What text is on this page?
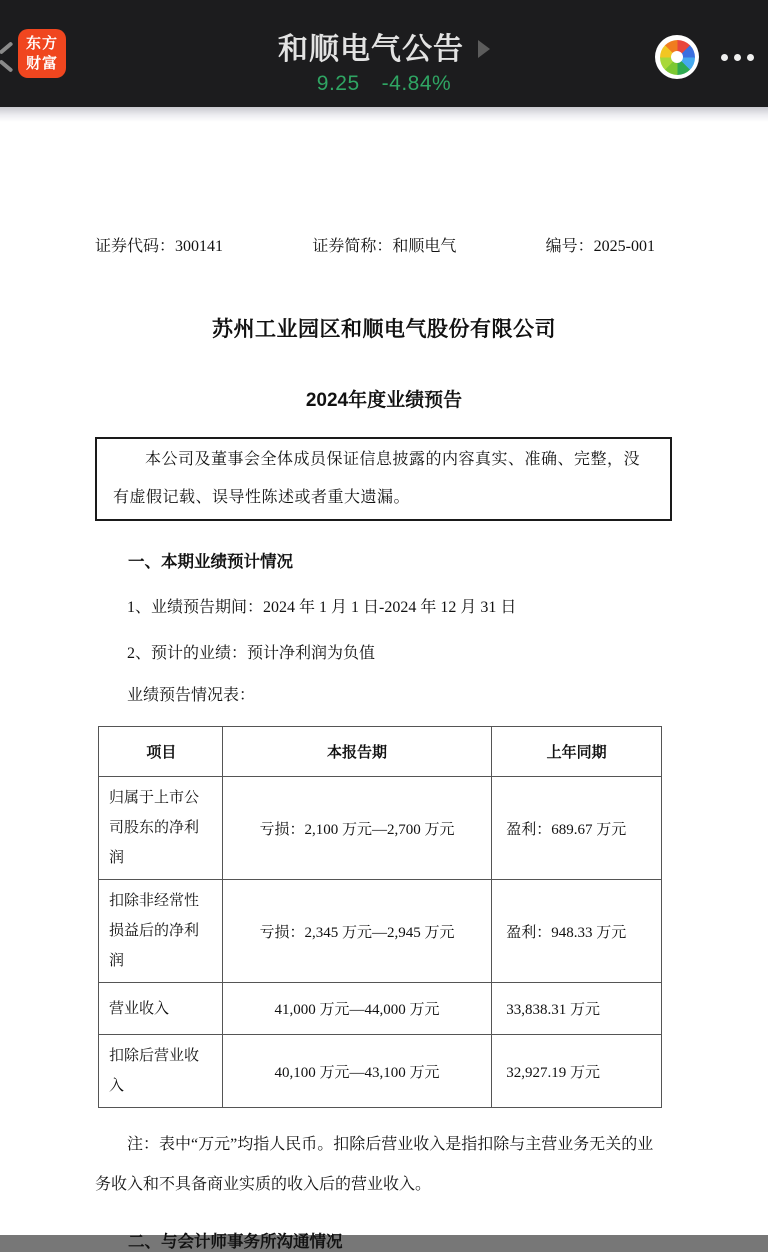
东方
财富	和顺电气公告
9.25 -4.84%
证券代码：300141	证券简称：和顺电气	编号：2025-001
苏州工业园区和顺电气股份有限公司
2024年度业绩预告

本公司及董事会全体成员保证信息披露的内容真实、准确、完整，没有虚假记载、误导性陈述或者重大遗漏。

一、本期业绩预计情况

1、业绩预告期间：2024 年 1 月 1 日-2024 年 12 月 31 日

2、预计的业绩：预计净利润为负值

业绩预告情况表：

项目	本报告期	上年同期
归属于上市公司股东的净利润	亏损：2,100 万元—2,700 万元	盈利：689.67 万元
扣除非经常性损益后的净利润	亏损：2,345 万元—2,945 万元	盈利：948.33 万元
营业收入	41,000 万元—44,000 万元	33,838.31 万元
扣除后营业收入	40,100 万元—43,100 万元	32,927.19 万元

注：表中“万元”均指人民币。扣除后营业收入是指扣除与主营业务无关的业务收入和不具备商业实质的收入后的营业收入。

二、与会计师事务所沟通情况
